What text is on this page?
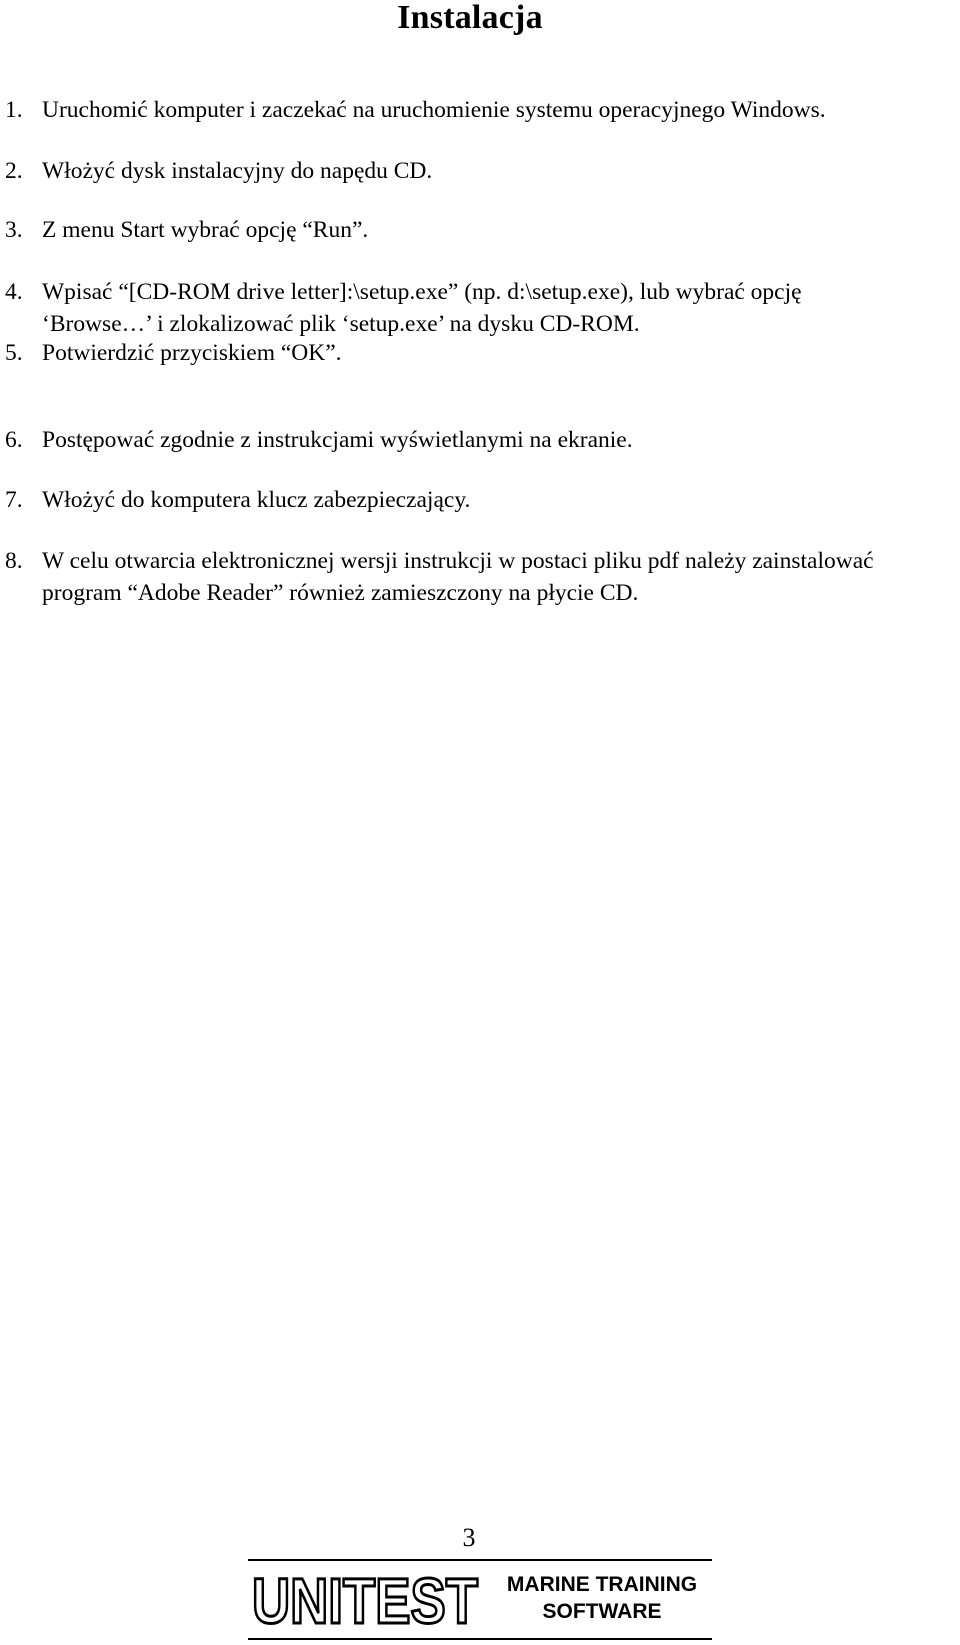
Instalacja
1. Uruchomić komputer i zaczekać na uruchomienie systemu operacyjnego Windows.
2. Włożyć dysk instalacyjny do napędu CD.
3. Z menu Start wybrać opcję “Run”.
4. Wpisać “[CD-ROM drive letter]:\setup.exe” (np. d:\setup.exe), lub wybrać opcję ‘Browse…’ i zlokalizować plik ‘setup.exe’ na dysku CD-ROM.
5. Potwierdzić przyciskiem “OK”.
6. Postępować zgodnie z instrukcjami wyświetlanymi na ekranie.
7. Włożyć do komputera klucz zabezpieczający.
8. W celu otwarcia elektronicznej wersji instrukcji w postaci pliku pdf należy zainstalować program “Adobe Reader” również zamieszczony na płycie CD.
3
UNITEST	MARINE TRAINING
SOFTWARE
